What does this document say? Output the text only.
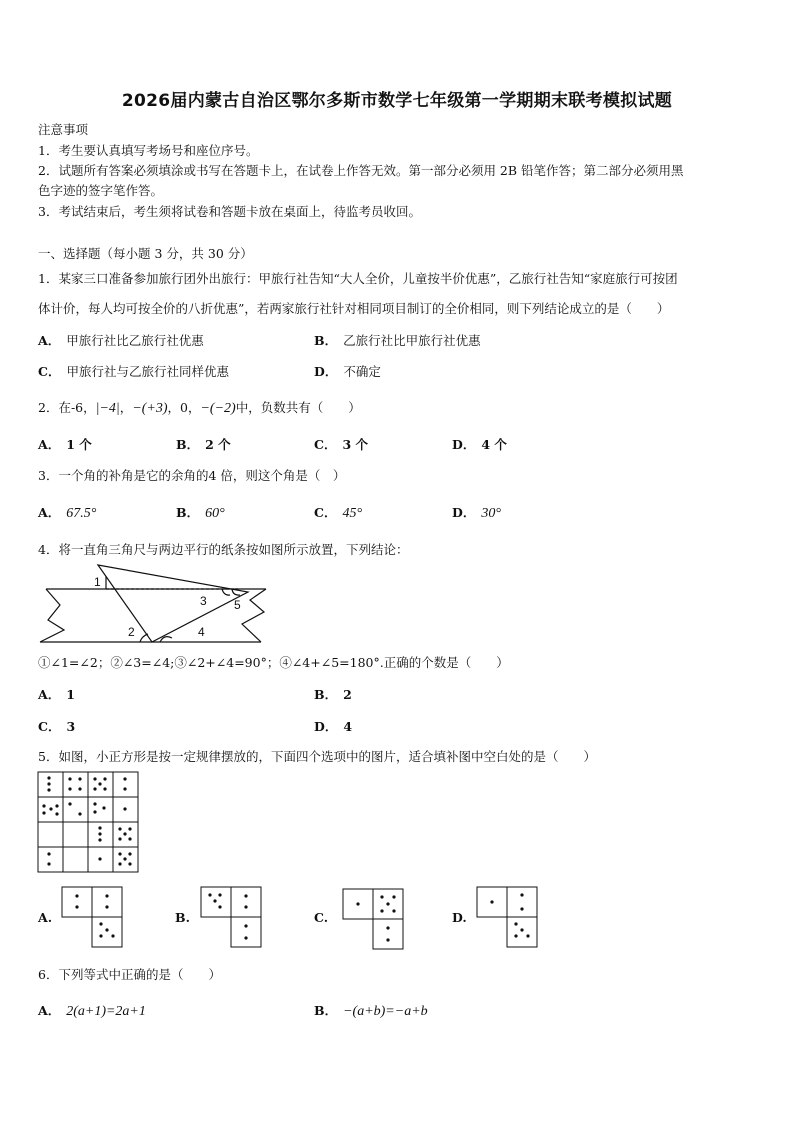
2026届内蒙古自治区鄂尔多斯市数学七年级第一学期期末联考模拟试题
注意事项
1．考生要认真填写考场号和座位序号。
2．试题所有答案必须填涂或书写在答题卡上，在试卷上作答无效。第一部分必须用 2B 铅笔作答；第二部分必须用黑
色字迹的签字笔作答。
3．考试结束后，考生须将试卷和答题卡放在桌面上，待监考员收回。
一、选择题（每小题 3 分，共 30 分）
1．某家三口准备参加旅行团外出旅行：甲旅行社告知“大人全价，儿童按半价优惠”，乙旅行社告知“家庭旅行可按团
体计价，每人均可按全价的八折优惠”，若两家旅行社针对相同项目制订的全价相同，则下列结论成立的是（　　）
A． 甲旅行社比乙旅行社优惠	B． 乙旅行社比甲旅行社优惠
C． 甲旅行社与乙旅行社同样优惠	D． 不确定
2．在-6，|−4|，−(+3)，0，−(−2)中，负数共有（　　）
A． 1 个	B． 2 个	C． 3 个	D． 4 个
3．一个角的补角是它的余角的4 倍，则这个角是（　）
A． 67.5°	B． 60°	C． 45°	D． 30°
4．将一直角三角尺与两边平行的纸条按如图所示放置，下列结论：
1
2
3
4
5
①∠1=∠2；②∠3=∠4;③∠2+∠4=90°；④∠4+∠5=180°.正确的个数是（　　）
A． 1	B． 2
C． 3	D． 4
5．如图，小正方形是按一定规律摆放的，下面四个选项中的图片，适合填补图中空白处的是（　　）
A.	B.	C.	D.
6．下列等式中正确的是（　　）
A． 2(a+1)=2a+1	B． −(a+b)=−a+b
